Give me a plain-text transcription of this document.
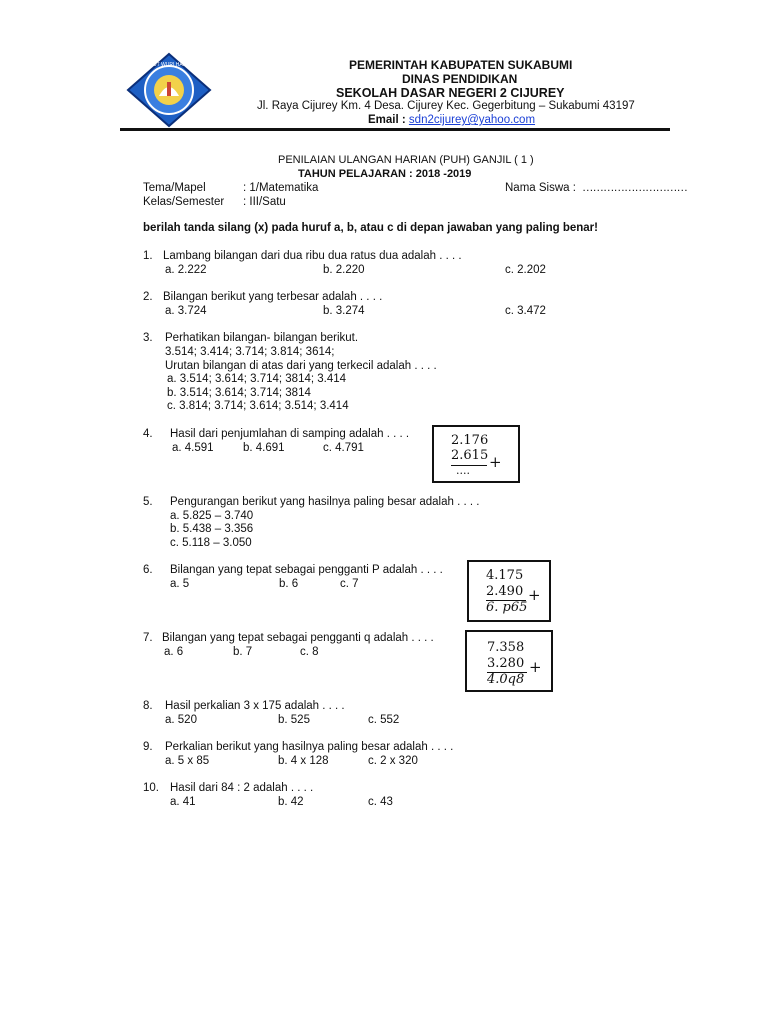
TUT WURI HANDAYANI	PEMERINTAH KABUPATEN SUKABUMI
DINAS PENDIDIKAN
SEKOLAH DASAR NEGERI 2 CIJUREY
Jl. Raya Cijurey Km. 4 Desa. Cijurey Kec. Gegerbitung – Sukabumi 43197
Email : sdn2cijurey@yahoo.com
PENILAIAN ULANGAN HARIAN (PUH) GANJIL ( 1 )
TAHUN PELAJARAN : 2018 -2019
Tema/Mapel	: 1/Matematika	Nama Siswa : …………………………
Kelas/Semester : III/Satu
berilah tanda silang (x) pada huruf a, b, atau c di depan jawaban yang paling benar!
1. Lambang bilangan dari dua ribu dua ratus dua adalah . . . .
a. 2.222	b. 2.220	c. 2.202
2. Bilangan berikut yang terbesar adalah . . . .
a. 3.724	b. 3.274	c. 3.472
3. Perhatikan bilangan- bilangan berikut.
3.514; 3.414; 3.714; 3.814; 3614;
Urutan bilangan di atas dari yang terkecil adalah . . . .
a. 3.514; 3.614; 3.714; 3814; 3.414
b. 3.514; 3.614; 3.714; 3814
c. 3.814; 3.714; 3.614; 3.514; 3.414
4. Hasil dari penjumlahan di samping adalah . . . .
a. 4.591	b. 4.691	c. 4.791	2.176
2.615 +
....
5. Pengurangan berikut yang hasilnya paling besar adalah . . . .
a. 5.825 – 3.740
b. 5.438 – 3.356
c. 5.118 – 3.050
6. Bilangan yang tepat sebagai pengganti P adalah . . . .
a. 5	b. 6	c. 7
4.175
2.490 +
6. p65
7. Bilangan yang tepat sebagai pengganti q adalah . . . .
a. 6	b. 7	c. 8	7.358
3.280 +
4.0q8
8. Hasil perkalian 3 x 175 adalah . . . .
a. 520	b. 525	c. 552
9. Perkalian berikut yang hasilnya paling besar adalah . . . .
a. 5 x 85	b. 4 x 128	c. 2 x 320
10. Hasil dari 84 : 2 adalah . . . .
a. 41	b. 42	c. 43
